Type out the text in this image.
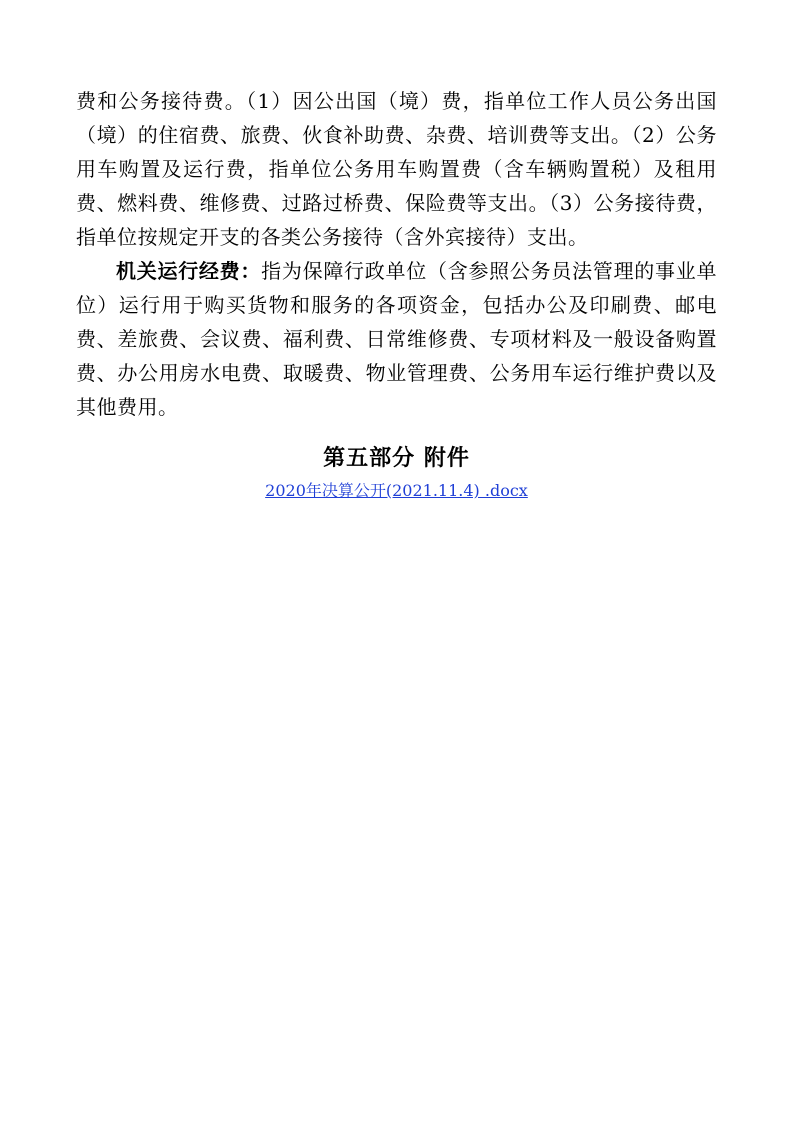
费和公务接待费。（1）因公出国（境）费，指单位工作人员公务出国（境）的住宿费、旅费、伙食补助费、杂费、培训费等支出。（2）公务用车购置及运行费，指单位公务用车购置费（含车辆购置税）及租用费、燃料费、维修费、过路过桥费、保险费等支出。（3）公务接待费，指单位按规定开支的各类公务接待（含外宾接待）支出。

机关运行经费：指为保障行政单位（含参照公务员法管理的事业单位）运行用于购买货物和服务的各项资金，包括办公及印刷费、邮电费、差旅费、会议费、福利费、日常维修费、专项材料及一般设备购置费、办公用房水电费、取暖费、物业管理费、公务用车运行维护费以及其他费用。

第五部分 附件

2020年决算公开(2021.11.4) .docx
